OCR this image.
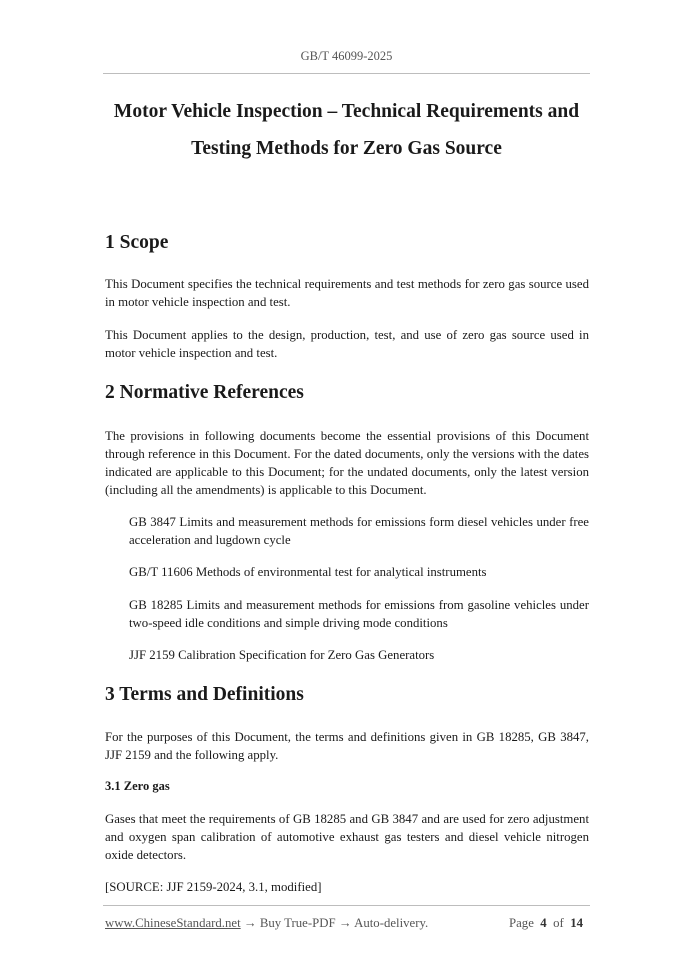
GB/T 46099-2025
Motor Vehicle Inspection – Technical Requirements and
Testing Methods for Zero Gas Source
1 Scope
This Document specifies the technical requirements and test methods for zero gas source used in motor vehicle inspection and test.
This Document applies to the design, production, test, and use of zero gas source used in motor vehicle inspection and test.
2 Normative References
The provisions in following documents become the essential provisions of this Document through reference in this Document. For the dated documents, only the versions with the dates indicated are applicable to this Document; for the undated documents, only the latest version (including all the amendments) is applicable to this Document.
GB 3847 Limits and measurement methods for emissions form diesel vehicles under free acceleration and lugdown cycle
GB/T 11606 Methods of environmental test for analytical instruments
GB 18285 Limits and measurement methods for emissions from gasoline vehicles under two-speed idle conditions and simple driving mode conditions
JJF 2159 Calibration Specification for Zero Gas Generators
3 Terms and Definitions
For the purposes of this Document, the terms and definitions given in GB 18285, GB 3847, JJF 2159 and the following apply.
3.1 Zero gas
Gases that meet the requirements of GB 18285 and GB 3847 and are used for zero adjustment and oxygen span calibration of automotive exhaust gas testers and diesel vehicle nitrogen oxide detectors.
[SOURCE: JJF 2159-2024, 3.1, modified]
www.ChineseStandard.net → Buy True-PDF → Auto-delivery.	Page 4 of 14
